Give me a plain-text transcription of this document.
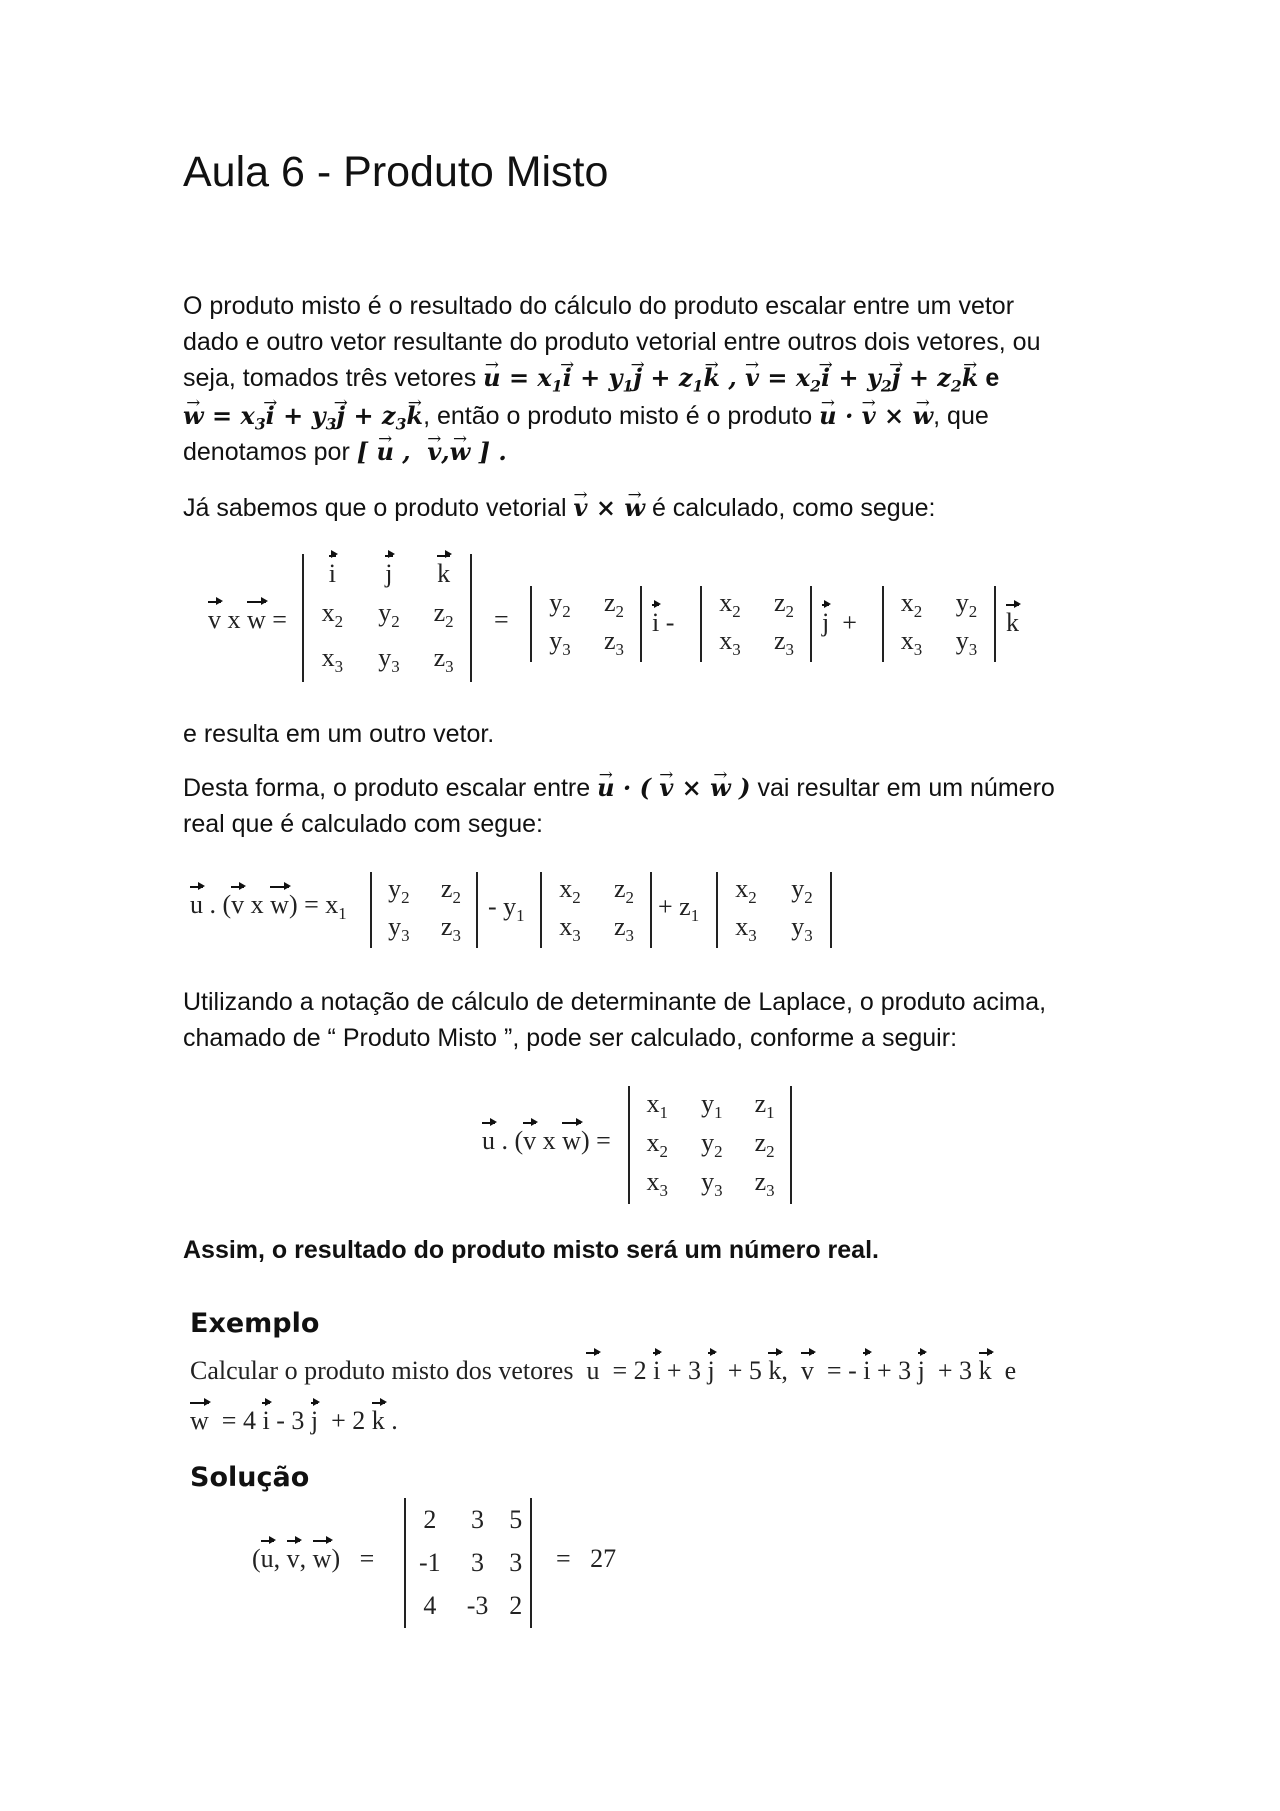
Aula 6 - Produto Misto

O produto misto é o resultado do cálculo do produto escalar entre um vetor

dado e outro vetor resultante do produto vetorial entre outros dois vetores, ou

seja, tomados três vetores → $u = x_1\to i + y_1\to j + z_1\to k$ , → $v = x_2\to i + y_2\to j + z_2\to k$ e

→ $w = x_3\to i + y_3\to j + z_3\to k$, então o produto misto é o produto → u · → v × → w, que

denotamos por [ → u ,  → v,→ w ] .

Já sabemos que o produto vetorial → v × → w é calculado, como segue:

v x w =
i	j	k
$x_2$	$y_2$	$z_2$
$x_3$	$y_3$	$z_3$
=
$y_2$	$z_2$
$y_3$	$z_3$
i -
$x_2$	$z_2$
$x_3$	$z_3$
j  +
$x_2$	$y_2$
$x_3$	$y_3$
k

e resulta em um outro vetor.

Desta forma, o produto escalar entre → u · ( → v × → w ) vai resultar em um número

real que é calculado com segue:

u . (v x $w) = x_1$
$y_2$	$z_2$
$y_3$	$z_3$
- $y_1$
$x_2$	$z_2$
$x_3$	$z_3$
+ $z_1$
$x_2$	$y_2$
$x_3$	$y_3$

Utilizando a notação de cálculo de determinante de Laplace, o produto acima,

chamado de “ Produto Misto ”, pode ser calculado, conforme a seguir:

u . (v x w) =
$x_1$	$y_1$	$z_1$
$x_2$	$y_2$	$z_2$
$x_3$	$y_3$	$z_3$

Assim, o resultado do produto misto será um número real.

Exemplo
Calcular o produto misto dos vetores u  = 2 i + 3 j  + 5 k,  v  = - i + 3 j  + 3 k  e
w  = 4 i - 3 j  + 2 k .
Solução
(u, v, w)   =
2	3	5
-1	3	3
4	-3	2
=   27
